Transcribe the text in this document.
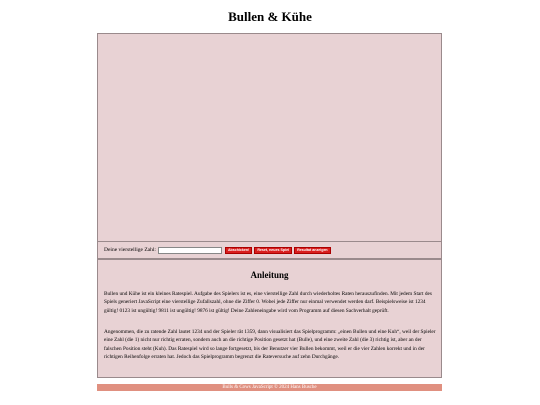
Bullen & Kühe
Deine vierstellige Zahl:	Abschicken!	Reset, neues Spiel	Resultat anzeigen
Anleitung

Bullen und Kühe ist ein kleines Ratespiel. Aufgabe des Spielers ist es, eine vierstellige Zahl durch wiederholtes Raten herauszufinden. Mit jedem Start des Spiels generiert JavaScript eine vierstellige Zufallszahl, ohne die Ziffer 0. Wobei jede Ziffer nur einmal verwendet werden darf. Beispielsweise ist 1234 gültig! 0123 ist ungültig! 9811 ist ungültig! 9876 ist gültig! Deine Zahleneingabe wird vom Programm auf diesen Sachverhalt geprüft.

Angenommen, die zu ratende Zahl lautet 1234 und der Spieler rät 1359, dann visualisiert das Spielprogramm: „einen Bullen und eine Kuh“, weil der Spieler eine Zahl (die 1) nicht nur richtig erraten, sondern auch an die richtige Position gesetzt hat (Bulle), und eine zweite Zahl (die 3) richtig ist, aber an der falschen Position steht (Kuh). Das Ratespiel wird so lange fortgesetzt, bis der Benutzer vier Bullen bekommt, weil er die vier Zahlen korrekt und in der richtigen Reihenfolge erraten hat. Jedoch das Spielprogramm begrenzt die Rateversuche auf zehn Durchgänge.

Bulls & Cows JavaScript © 2024 Hans Busche
